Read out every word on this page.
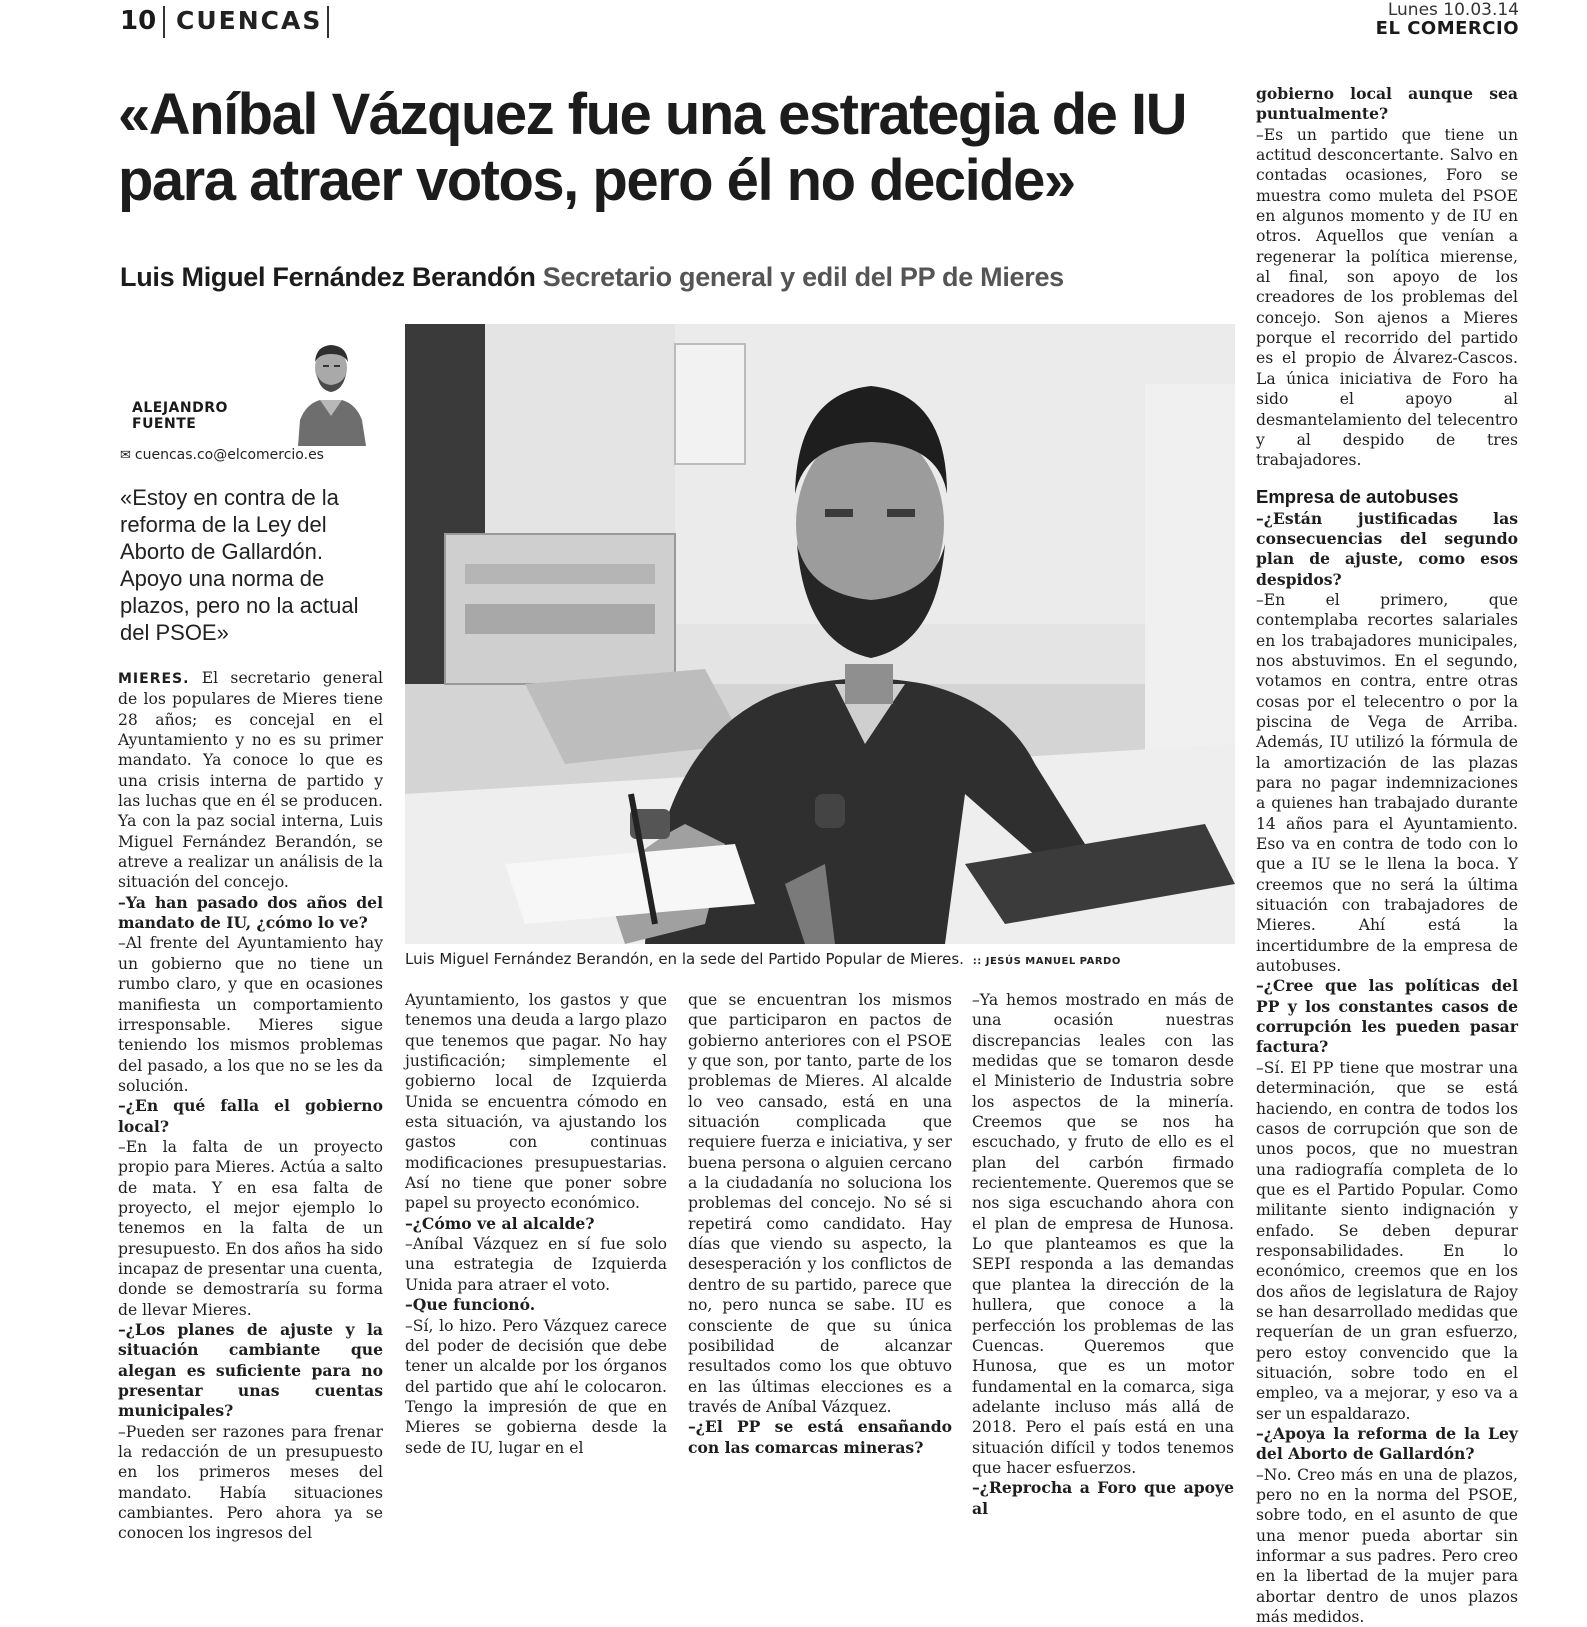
10 CUENCAS	Lunes 10.03.14
EL COMERCIO
«Aníbal Vázquez fue una estrategia de IU para atraer votos, pero él no decide»
Luis Miguel Fernández Berandón Secretario general y edil del PP de Mieres
ALEJANDRO FUENTE
✉ cuencas.co@elcomercio.es
«Estoy en contra de la reforma de la Ley del Aborto de Gallardón. Apoyo una norma de plazos, pero no la actual del PSOE»
Luis Miguel Fernández Berandón, en la sede del Partido Popular de Mieres. :: JESÚS MANUEL PARDO

MIERES. El secretario general de los populares de Mieres tiene 28 años; es concejal en el Ayuntamiento y no es su primer mandato. Ya conoce lo que es una crisis interna de partido y las luchas que en él se producen. Ya con la paz social interna, Luis Miguel Fernández Berandón, se atreve a realizar un análisis de la situación del concejo.

–Ya han pasado dos años del mandato de IU, ¿cómo lo ve?

–Al frente del Ayuntamiento hay un gobierno que no tiene un rumbo claro, y que en ocasiones manifiesta un comportamiento irresponsable. Mieres sigue teniendo los mismos problemas del pasado, a los que no se les da solución.

–¿En qué falla el gobierno local?

–En la falta de un proyecto propio para Mieres. Actúa a salto de mata. Y en esa falta de proyecto, el mejor ejemplo lo tenemos en la falta de un presupuesto. En dos años ha sido incapaz de presentar una cuenta, donde se demostraría su forma de llevar Mieres.

–¿Los planes de ajuste y la situación cambiante que alegan es suficiente para no presentar unas cuentas municipales?

–Pueden ser razones para frenar la redacción de un presupuesto en los primeros meses del mandato. Había situaciones cambiantes. Pero ahora ya se conocen los ingresos del

Ayuntamiento, los gastos y que tenemos una deuda a largo plazo que tenemos que pagar. No hay justificación; simplemente el gobierno local de Izquierda Unida se encuentra cómodo en esta situación, va ajustando los gastos con continuas modificaciones presupuestarias. Así no tiene que poner sobre papel su proyecto económico.

–¿Cómo ve al alcalde?

–Aníbal Vázquez en sí fue solo una estrategia de Izquierda Unida para atraer el voto.

–Que funcionó.

–Sí, lo hizo. Pero Vázquez carece del poder de decisión que debe tener un alcalde por los órganos del partido que ahí le colocaron. Tengo la impresión de que en Mieres se gobierna desde la sede de IU, lugar en el

que se encuentran los mismos que participaron en pactos de gobierno anteriores con el PSOE y que son, por tanto, parte de los problemas de Mieres. Al alcalde lo veo cansado, está en una situación complicada que requiere fuerza e iniciativa, y ser buena persona o alguien cercano a la ciudadanía no soluciona los problemas del concejo. No sé si repetirá como candidato. Hay días que viendo su aspecto, la desesperación y los conflictos de dentro de su partido, parece que no, pero nunca se sabe. IU es consciente de que su única posibilidad de alcanzar resultados como los que obtuvo en las últimas elecciones es a través de Aníbal Vázquez.

–¿El PP se está ensañando con las comarcas mineras?

–Ya hemos mostrado en más de una ocasión nuestras discrepancias leales con las medidas que se tomaron desde el Ministerio de Industria sobre los aspectos de la minería. Creemos que se nos ha escuchado, y fruto de ello es el plan del carbón firmado recientemente. Queremos que se nos siga escuchando ahora con el plan de empresa de Hunosa. Lo que planteamos es que la SEPI responda a las demandas que plantea la dirección de la hullera, que conoce a la perfección los problemas de las Cuencas. Queremos que Hunosa, que es un motor fundamental en la comarca, siga adelante incluso más allá de 2018. Pero el país está en una situación difícil y todos tenemos que hacer esfuerzos.

–¿Reprocha a Foro que apoye al

gobierno local aunque sea puntualmente?

–Es un partido que tiene un actitud desconcertante. Salvo en contadas ocasiones, Foro se muestra como muleta del PSOE en algunos momento y de IU en otros. Aquellos que venían a regenerar la política mierense, al final, son apoyo de los creadores de los problemas del concejo. Son ajenos a Mieres porque el recorrido del partido es el propio de Álvarez-Cascos. La única iniciativa de Foro ha sido el apoyo al desmantelamiento del telecentro y al despido de tres trabajadores.

Empresa de autobuses

–¿Están justificadas las consecuencias del segundo plan de ajuste, como esos despidos?

–En el primero, que contemplaba recortes salariales en los trabajadores municipales, nos abstuvimos. En el segundo, votamos en contra, entre otras cosas por el telecentro o por la piscina de Vega de Arriba. Además, IU utilizó la fórmula de la amortización de las plazas para no pagar indemnizaciones a quienes han trabajado durante 14 años para el Ayuntamiento. Eso va en contra de todo con lo que a IU se le llena la boca. Y creemos que no será la última situación con trabajadores de Mieres. Ahí está la incertidumbre de la empresa de autobuses.

–¿Cree que las políticas del PP y los constantes casos de corrupción les pueden pasar factura?

–Sí. El PP tiene que mostrar una determinación, que se está haciendo, en contra de todos los casos de corrupción que son de unos pocos, que no muestran una radiografía completa de lo que es el Partido Popular. Como militante siento indignación y enfado. Se deben depurar responsabilidades. En lo económico, creemos que en los dos años de legislatura de Rajoy se han desarrollado medidas que requerían de un gran esfuerzo, pero estoy convencido que la situación, sobre todo en el empleo, va a mejorar, y eso va a ser un espaldarazo.

–¿Apoya la reforma de la Ley del Aborto de Gallardón?

–No. Creo más en una de plazos, pero no en la norma del PSOE, sobre todo, en el asunto de que una menor pueda abortar sin informar a sus padres. Pero creo en la libertad de la mujer para abortar dentro de unos plazos más medidos.
